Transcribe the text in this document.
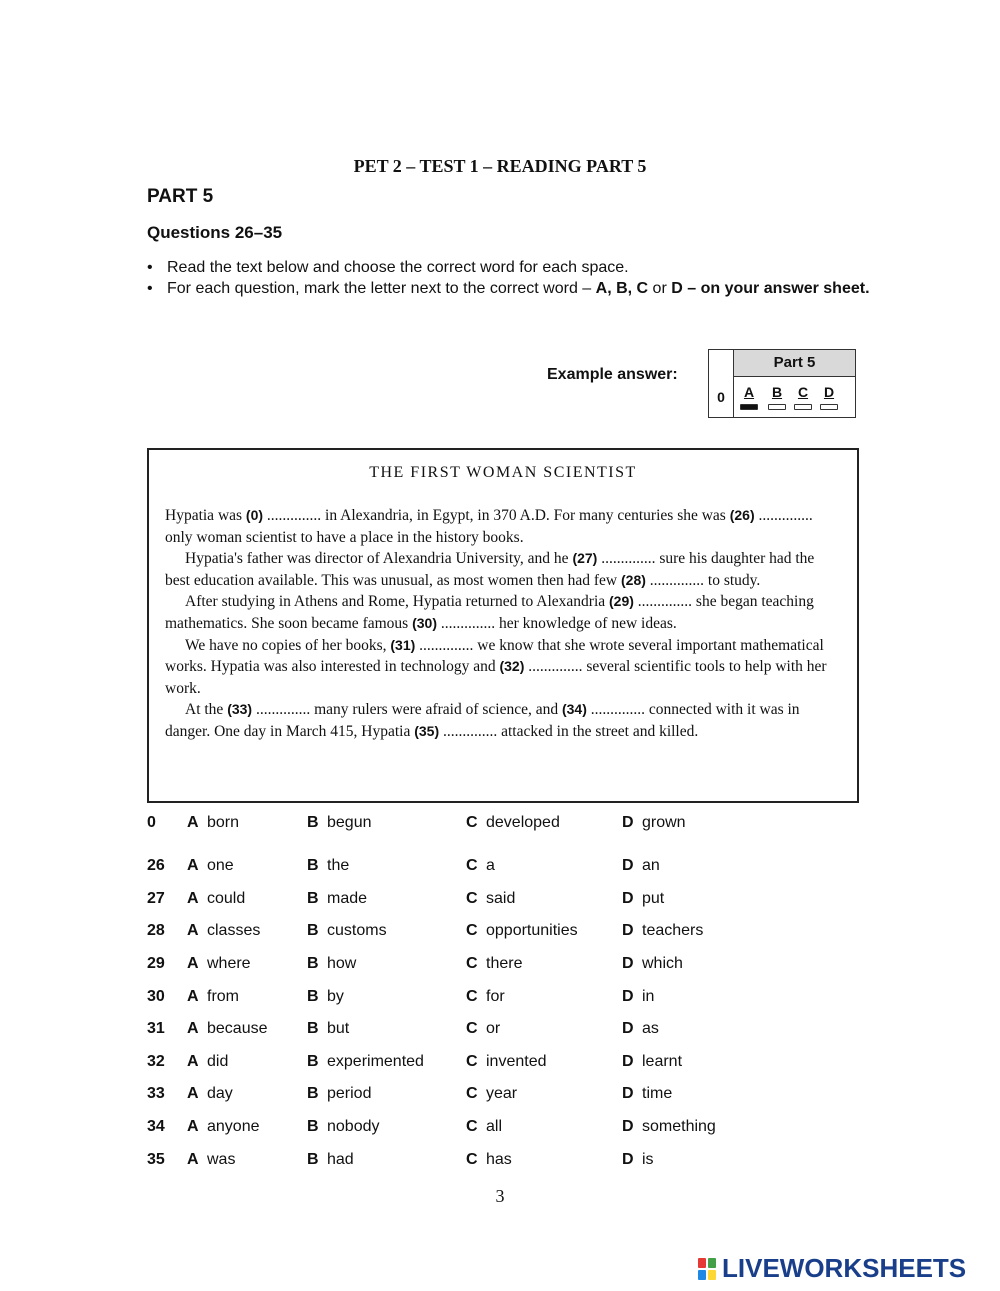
PET 2 – TEST 1 – READING PART 5
PART 5
Questions 26–35
• Read the text below and choose the correct word for each space.
• For each question, mark the letter next to the correct word – A, B, C or D – on your answer sheet.
Example answer:
Part 5
0	A	B	C	D
THE FIRST WOMAN SCIENTIST

Hypatia was (0) .............. in Alexandria, in Egypt, in 370 A.D. For many centuries she was (26) .............. only woman scientist to have a place in the history books.

Hypatia's father was director of Alexandria University, and he (27) .............. sure his daughter had the best education available. This was unusual, as most women then had few (28) .............. to study.

After studying in Athens and Rome, Hypatia returned to Alexandria (29) .............. she began teaching mathematics. She soon became famous (30) .............. her knowledge of new ideas.

We have no copies of her books, (31) .............. we know that she wrote several important mathematical works. Hypatia was also interested in technology and (32) .............. several scientific tools to help with her work.

At the (33) .............. many rulers were afraid of science, and (34) .............. connected with it was in danger. One day in March 415, Hypatia (35) .............. attacked in the street and killed.

0	A born	B begun	C developed	D grown

26	A one	B the	C a	D an
27	A could	B made	C said	D put
28	A classes	B customs	C opportunities	D teachers
29	A where	B how	C there	D which
30	A from	B by	C for	D in
31	A because	B but	C or	D as
32	A did	B experimented	C invented	D learnt
33	A day	B period	C year	D time
34	A anyone	B nobody	C all	D something
35	A was	B had	C has	D is
3
LIVEWORKSHEETS
